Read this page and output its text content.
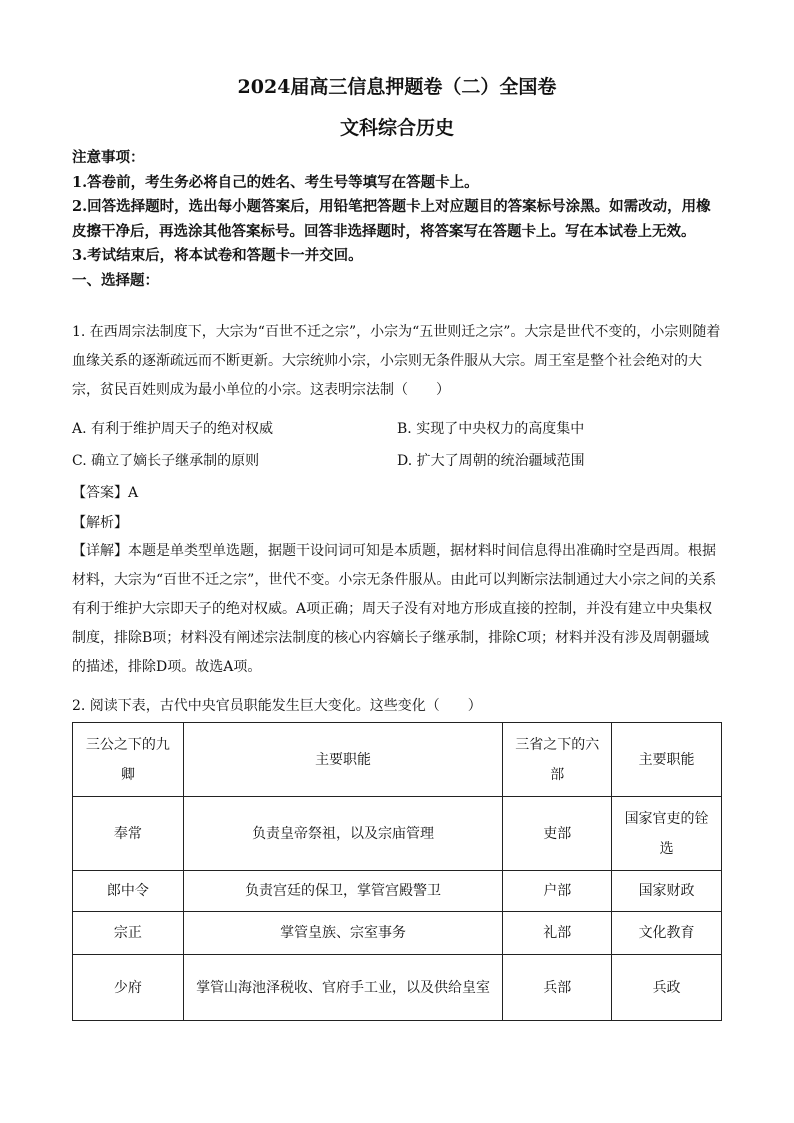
2024届高三信息押题卷（二）全国卷
文科综合历史
注意事项：
1.答卷前，考生务必将自己的姓名、考生号等填写在答题卡上。
2.回答选择题时，选出每小题答案后，用铅笔把答题卡上对应题目的答案标号涂黑。如需改动，用橡皮擦干净后，再选涂其他答案标号。回答非选择题时，将答案写在答题卡上。写在本试卷上无效。
3.考试结束后，将本试卷和答题卡一并交回。
一、选择题：
1. 在西周宗法制度下，大宗为“百世不迁之宗”，小宗为“五世则迁之宗”。大宗是世代不变的，小宗则随着血缘关系的逐渐疏远而不断更新。大宗统帅小宗，小宗则无条件服从大宗。周王室是整个社会绝对的大宗，贫民百姓则成为最小单位的小宗。这表明宗法制（　　）
A. 有利于维护周天子的绝对权威	B. 实现了中央权力的高度集中
C. 确立了嫡长子继承制的原则	D. 扩大了周朝的统治疆域范围
【答案】A
【解析】
【详解】本题是单类型单选题，据题干设问词可知是本质题，据材料时间信息得出准确时空是西周。根据材料，大宗为“百世不迁之宗”，世代不变。小宗无条件服从。由此可以判断宗法制通过大小宗之间的关系有利于维护大宗即天子的绝对权威。A项正确；周天子没有对地方形成直接的控制，并没有建立中央集权制度，排除B项；材料没有阐述宗法制度的核心内容嫡长子继承制，排除C项；材料并没有涉及周朝疆域的描述，排除D项。故选A项。
2. 阅读下表，古代中央官员职能发生巨大变化。这些变化（　　）
三公之下的九卿	主要职能	三省之下的六部	主要职能
奉常	负责皇帝祭祖，以及宗庙管理	吏部	国家官吏的铨选
郎中令	负责宫廷的保卫，掌管宫殿警卫	户部	国家财政
宗正	掌管皇族、宗室事务	礼部	文化教育
少府	掌管山海池泽税收、官府手工业，以及供给皇室	兵部	兵政
